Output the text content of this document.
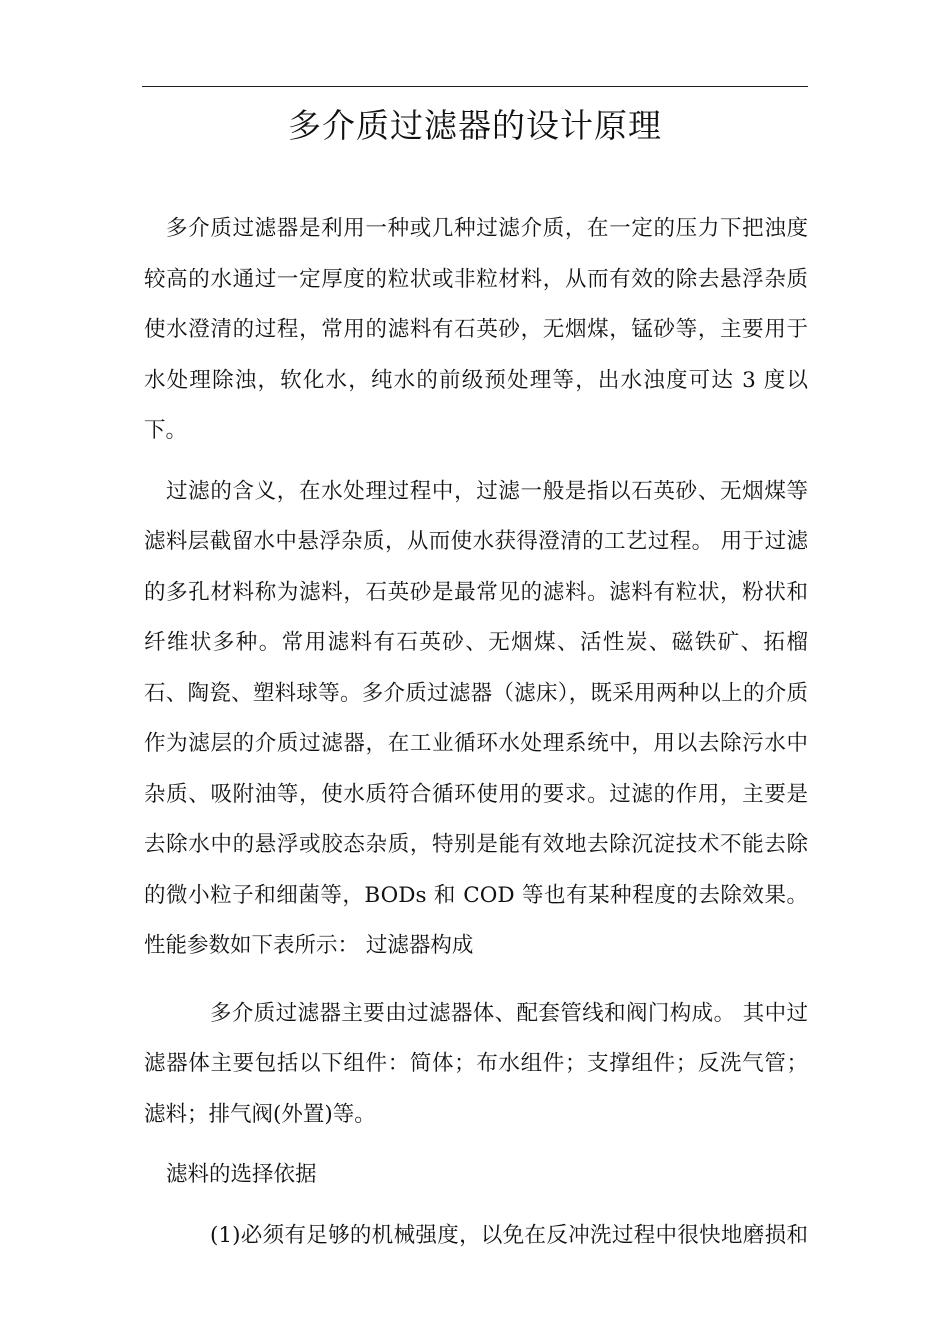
多介质过滤器的设计原理

多介质过滤器是利用一种或几种过滤介质，在一定的压力下把浊度较高的水通过一定厚度的粒状或非粒材料，从而有效的除去悬浮杂质使水澄清的过程，常用的滤料有石英砂，无烟煤，锰砂等，主要用于水处理除浊，软化水，纯水的前级预处理等，出水浊度可达 3 度以下。

过滤的含义，在水处理过程中，过滤一般是指以石英砂、无烟煤等滤料层截留水中悬浮杂质，从而使水获得澄清的工艺过程。 用于过滤的多孔材料称为滤料，石英砂是最常见的滤料。滤料有粒状，粉状和纤维状多种。常用滤料有石英砂、无烟煤、活性炭、磁铁矿、拓榴石、陶瓷、塑料球等。多介质过滤器（滤床），既采用两种以上的介质作为滤层的介质过滤器，在工业循环水处理系统中，用以去除污水中杂质、吸附油等，使水质符合循环使用的要求。过滤的作用，主要是去除水中的悬浮或胶态杂质，特别是能有效地去除沉淀技术不能去除的微小粒子和细菌等，BODs 和 COD 等也有某种程度的去除效果。性能参数如下表所示： 过滤器构成

多介质过滤器主要由过滤器体、配套管线和阀门构成。 其中过滤器体主要包括以下组件：简体；布水组件；支撑组件；反洗气管；滤料；排气阀(外置)等。

滤料的选择依据

(1)必须有足够的机械强度，以免在反冲洗过程中很快地磨损和
